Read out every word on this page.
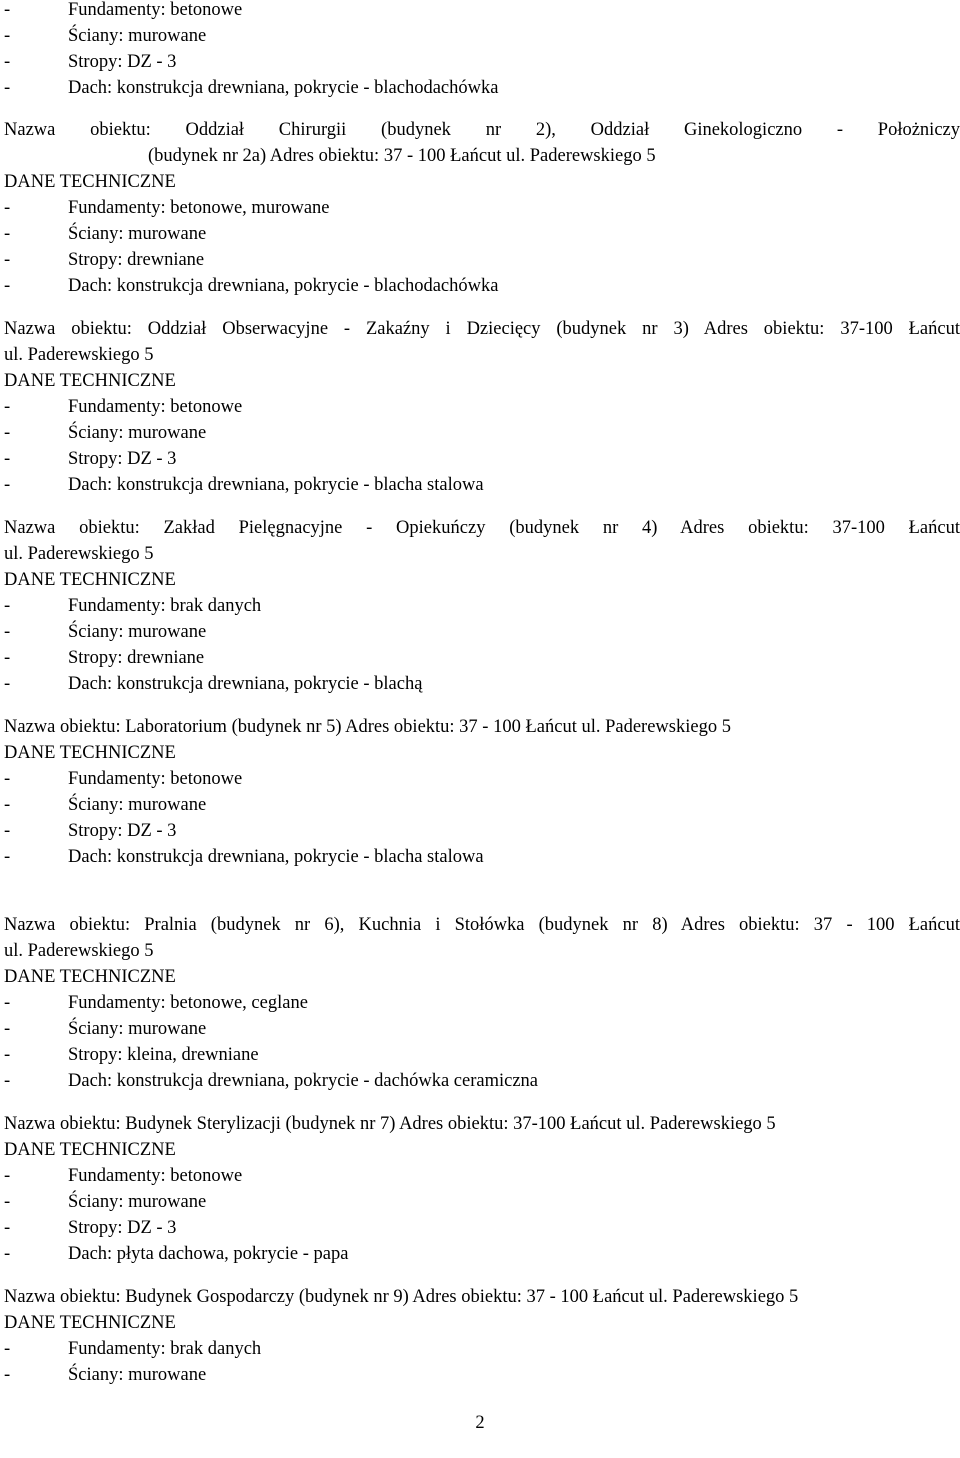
-	Fundamenty: betonowe
-	Ściany: murowane
-	Stropy: DZ - 3
-	Dach: konstrukcja drewniana, pokrycie - blachodachówka
Nazwa obiektu: Oddział Chirurgii (budynek nr 2), Oddział Ginekologiczno - Położniczy
(budynek nr 2a) Adres obiektu: 37 - 100 Łańcut ul. Paderewskiego 5
DANE TECHNICZNE
-	Fundamenty: betonowe, murowane
-	Ściany: murowane
-	Stropy: drewniane
-	Dach: konstrukcja drewniana, pokrycie - blachodachówka
Nazwa obiektu: Oddział Obserwacyjne - Zakaźny i Dziecięcy (budynek nr 3) Adres obiektu: 37-100 Łańcut
ul. Paderewskiego 5
DANE TECHNICZNE
-	Fundamenty: betonowe
-	Ściany: murowane
-	Stropy: DZ - 3
-	Dach: konstrukcja drewniana, pokrycie - blacha stalowa
Nazwa obiektu: Zakład Pielęgnacyjne - Opiekuńczy (budynek nr 4) Adres obiektu: 37-100 Łańcut
ul. Paderewskiego 5
DANE TECHNICZNE
-	Fundamenty: brak danych
-	Ściany: murowane
-	Stropy: drewniane
-	Dach: konstrukcja drewniana, pokrycie - blachą
Nazwa obiektu: Laboratorium (budynek nr 5) Adres obiektu: 37 - 100 Łańcut ul. Paderewskiego 5
DANE TECHNICZNE
-	Fundamenty: betonowe
-	Ściany: murowane
-	Stropy: DZ - 3
-	Dach: konstrukcja drewniana, pokrycie - blacha stalowa
Nazwa obiektu: Pralnia (budynek nr 6), Kuchnia i Stołówka (budynek nr 8) Adres obiektu: 37 - 100 Łańcut
ul. Paderewskiego 5
DANE TECHNICZNE
-	Fundamenty: betonowe, ceglane
-	Ściany: murowane
-	Stropy: kleina, drewniane
-	Dach: konstrukcja drewniana, pokrycie - dachówka ceramiczna
Nazwa obiektu: Budynek Sterylizacji (budynek nr 7) Adres obiektu: 37-100 Łańcut ul. Paderewskiego 5
DANE TECHNICZNE
-	Fundamenty: betonowe
-	Ściany: murowane
-	Stropy: DZ - 3
-	Dach: płyta dachowa, pokrycie - papa
Nazwa obiektu: Budynek Gospodarczy (budynek nr 9) Adres obiektu: 37 - 100 Łańcut ul. Paderewskiego 5
DANE TECHNICZNE
-	Fundamenty: brak danych
-	Ściany: murowane
2
